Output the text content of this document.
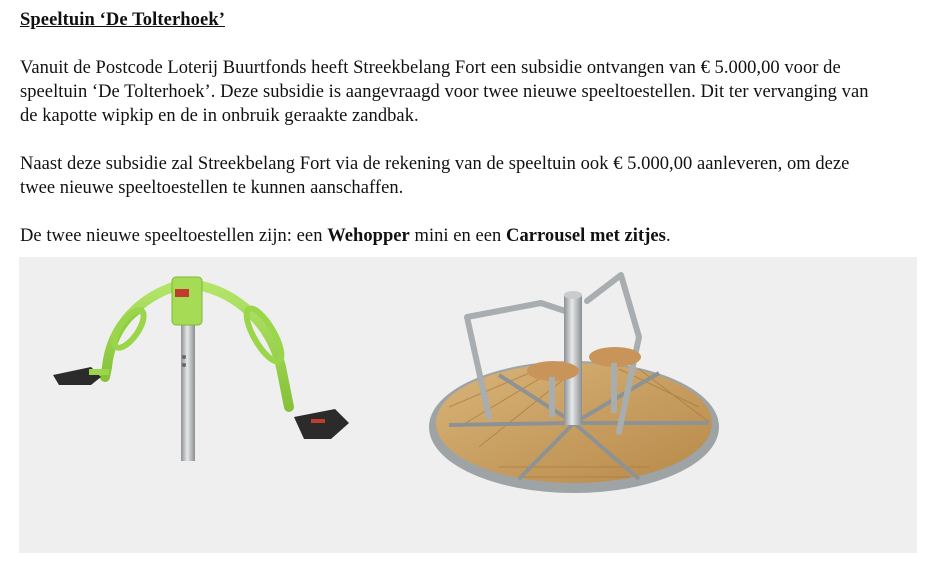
Speeltuin ‘De Tolterhoek’

Vanuit de Postcode Loterij Buurtfonds heeft Streekbelang Fort een subsidie ontvangen van € 5.000,00 voor de
speeltuin ‘De Tolterhoek’. Deze subsidie is aangevraagd voor twee nieuwe speeltoestellen. Dit ter vervanging van
de kapotte wipkip en de in onbruik geraakte zandbak.

Naast deze subsidie zal Streekbelang Fort via de rekening van de speeltuin ook € 5.000,00 aanleveren, om deze
twee nieuwe speeltoestellen te kunnen aanschaffen.

De twee nieuwe speeltoestellen zijn: een Wehopper mini en een Carrousel met zitjes.
